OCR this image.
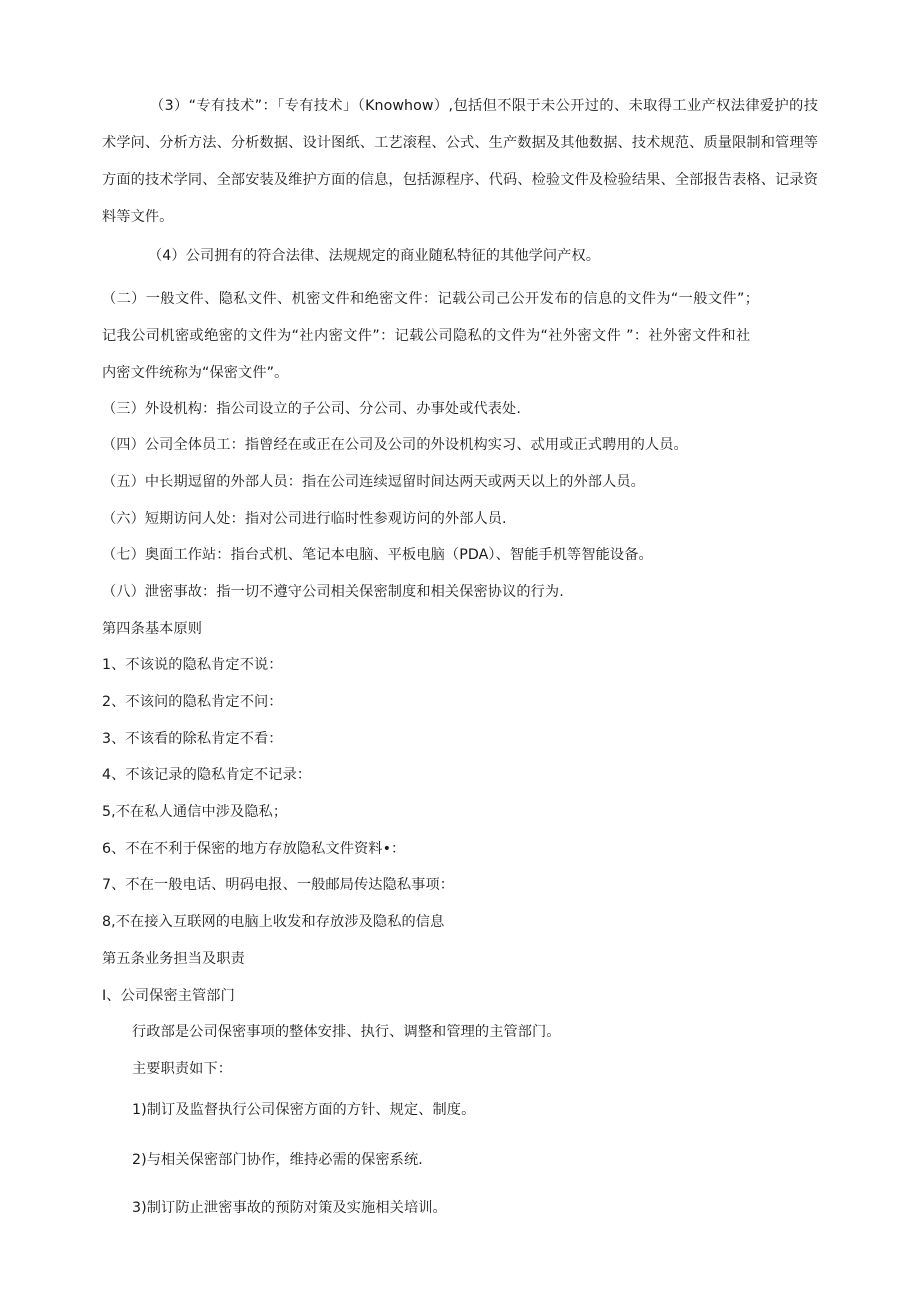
（3）“专有技术”：「专有技术」（Knowhow）,包括但不限于未公开过的、未取得工业产权法律爱护的技术学问、分析方法、分析数据、设计图纸、工艺滚程、公式、生产数据及其他数据、技术规范、质量限制和管理等方面的技术学同、全部安装及维护方面的信息，包括源程序、代码、检验文件及检验结果、全部报告表格、记录资料等文件。

（4）公司拥有的符合法律、法规规定的商业随私特征的其他学问产权。
（二）一般文件、隐私文件、机密文件和绝密文件：记载公司己公开发布的信息的文件为“一般文件”；
记我公司机密或绝密的文件为“社内密文件”：记载公司隐私的文件为“社外密文件 ”：社外密文件和社
内密文件统称为“保密文件”。
（三）外设机构：指公司设立的子公司、分公司、办事处或代表处.
（四）公司全体员工：指曾经在或正在公司及公司的外设机构实习、忒用或正式聘用的人员。
（五）中长期逗留的外部人员：指在公司连续逗留时间达两天或两天以上的外部人员。
（六）短期访问人处：指对公司进行临时性参观访问的外部人员.
（七）奥面工作站：指台式机、笔记本电脑、平板电脑（PDA）、智能手机等智能设备。
（八）泄密事故：指一切不遵守公司相关保密制度和相关保密协议的行为.
第四条基本原则
1、不该说的隐私肯定不说：
2、不该问的隐私肯定不问：
3、不该看的除私肯定不看：
4、不该记录的隐私肯定不记录：
5,不在私人通信中涉及隐私；
6、不在不利于保密的地方存放隐私文件资料•：
7、不在一般电话、明码电报、一般邮局传达隐私事项：
8,不在接入互联网的电脑上收发和存放涉及隐私的信息
第五条业务担当及职责
I、公司保密主管部门
行政部是公司保密事项的整体安排、执行、调整和管理的主管部门。
主要职责如下：
1)制订及监督执行公司保密方面的方针、规定、制度。
2)与相关保密部门协作，维持必需的保密系统.
3)制订防止泄密事故的预防对策及实施相关培训。
